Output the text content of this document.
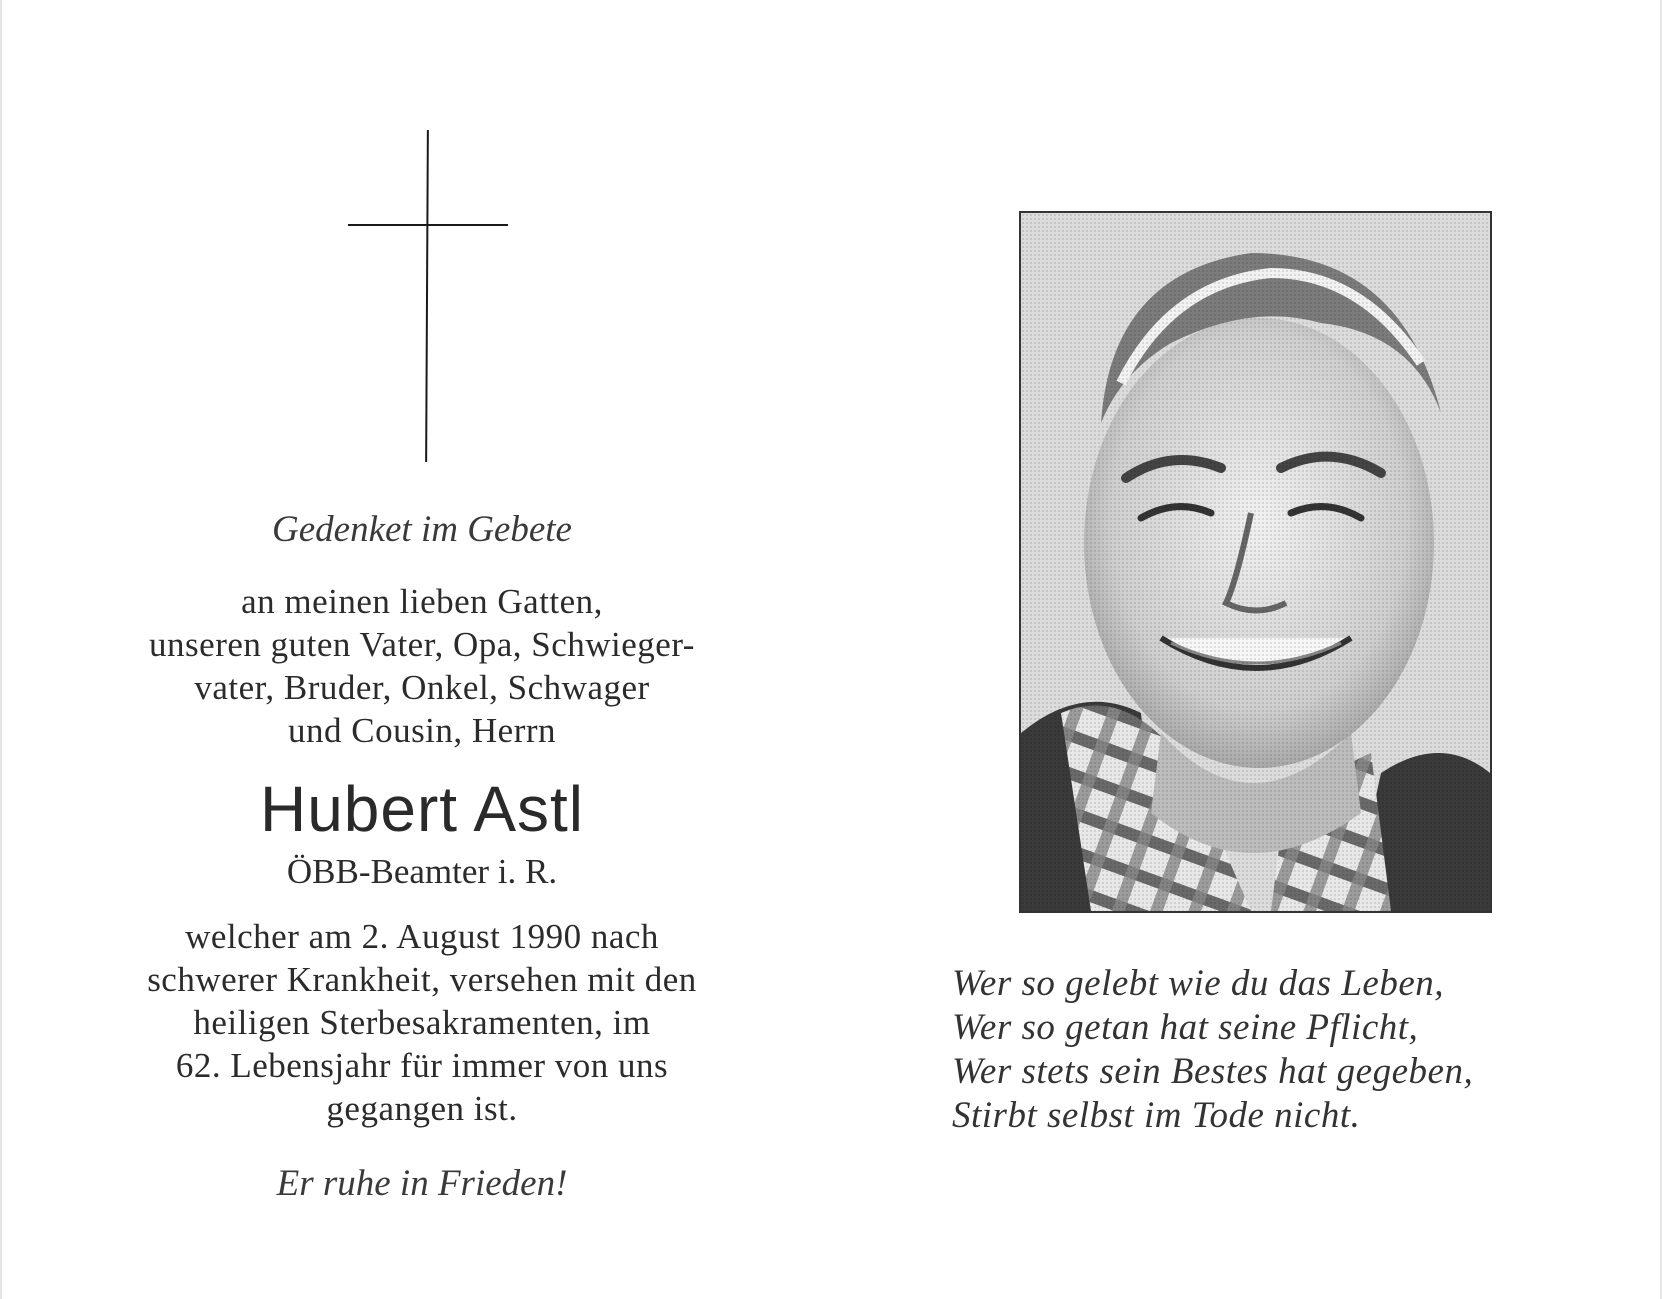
Gedenket im Gebete
an meinen lieben Gatten,
unseren guten Vater, Opa, Schwieger-
vater, Bruder, Onkel, Schwager
und Cousin, Herrn
Hubert Astl
ÖBB-Beamter i. R.
welcher am 2. August 1990 nach
schwerer Krankheit, versehen mit den
heiligen Sterbesakramenten, im
62. Lebensjahr für immer von uns
gegangen ist.
Er ruhe in Frieden!
Wer so gelebt wie du das Leben,
Wer so getan hat seine Pflicht,
Wer stets sein Bestes hat gegeben,
Stirbt selbst im Tode nicht.
